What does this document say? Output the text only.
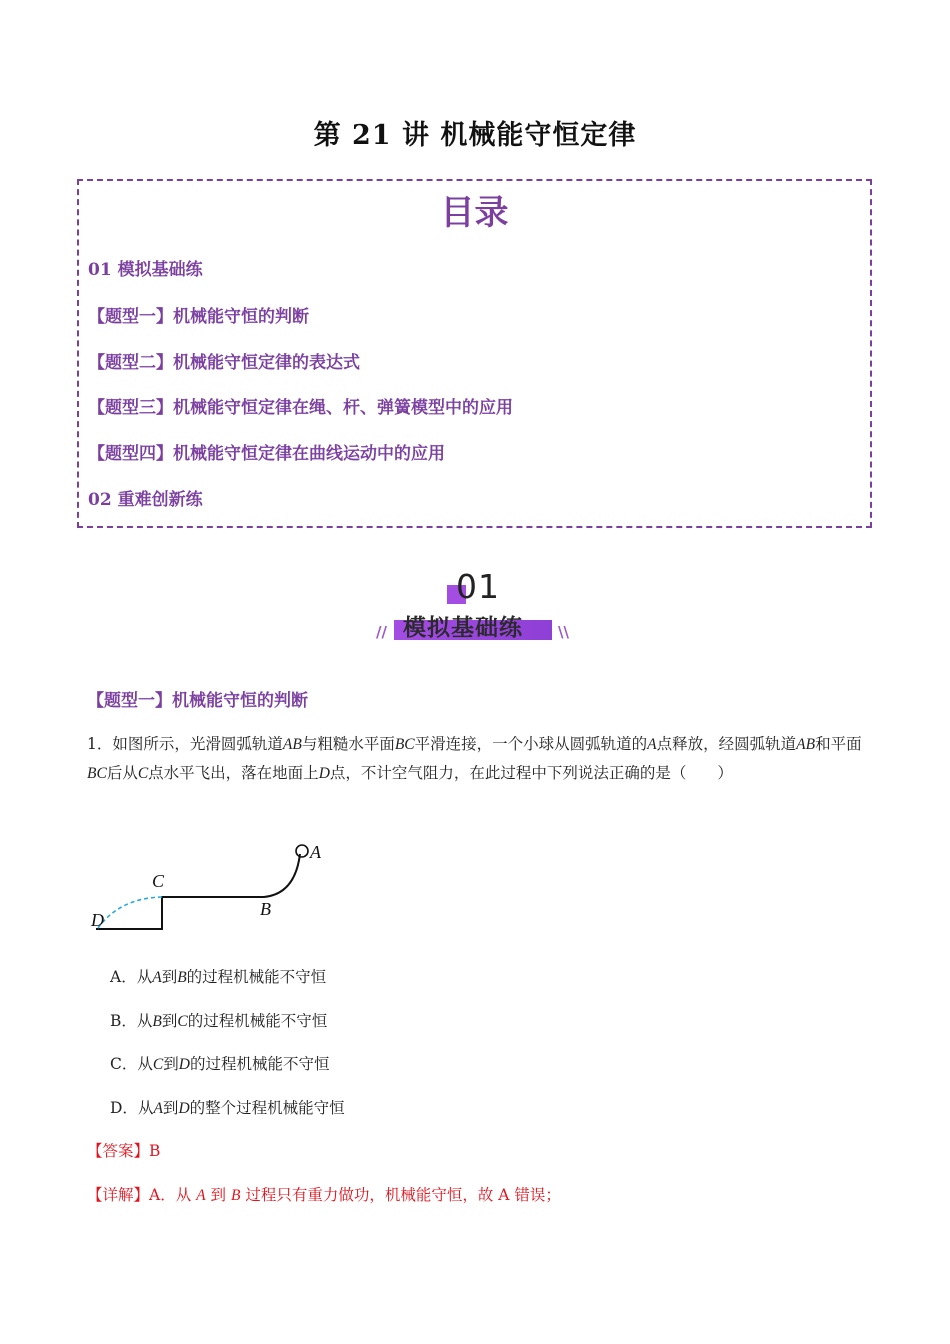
第 21 讲 机械能守恒定律
目录
01 模拟基础练
【题型一】机械能守恒的判断
【题型二】机械能守恒定律的表达式
【题型三】机械能守恒定律在绳、杆、弹簧模型中的应用
【题型四】机械能守恒定律在曲线运动中的应用
02 重难创新练
01
模拟基础练
//	\\
【题型一】机械能守恒的判断
1．如图所示，光滑圆弧轨道AB与粗糙水平面BC平滑连接，一个小球从圆弧轨道的A点释放，经圆弧轨道AB和平面BC后从C点水平飞出，落在地面上D点，不计空气阻力，在此过程中下列说法正确的是（　　）
A
B
C
D
A．从A到B的过程机械能不守恒
B．从B到C的过程机械能不守恒
C．从C到D的过程机械能不守恒
D．从A到D的整个过程机械能守恒
【答案】B
【详解】A．从 A 到 B 过程只有重力做功，机械能守恒，故 A 错误；
